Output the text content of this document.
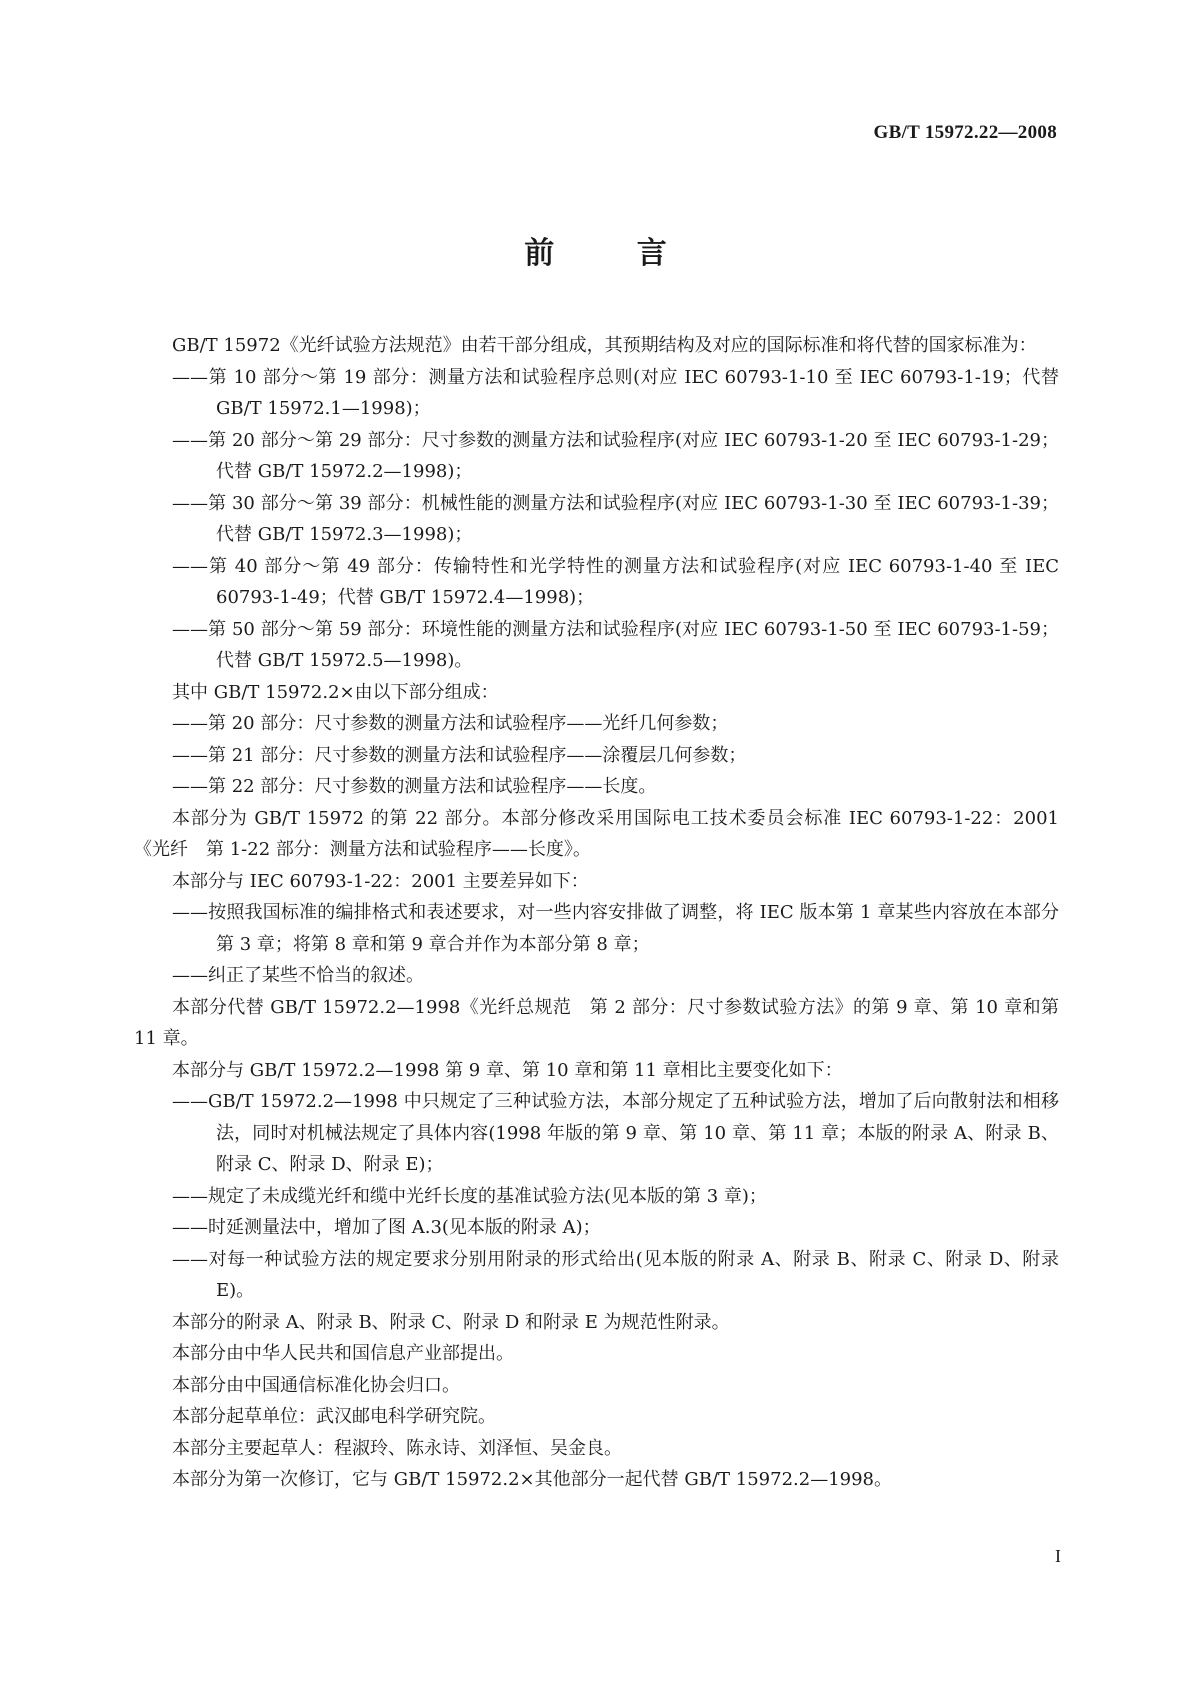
GB/T 15972.22—2008
前 言

GB/T 15972《光纤试验方法规范》由若干部分组成，其预期结构及对应的国际标准和将代替的国家标准为：

——第 10 部分～第 19 部分：测量方法和试验程序总则(对应 IEC 60793-1-10 至 IEC 60793-1-19；代替 GB/T 15972.1—1998)；

——第 20 部分～第 29 部分：尺寸参数的测量方法和试验程序(对应 IEC 60793-1-20 至 IEC 60793-1-29；代替 GB/T 15972.2—1998)；

——第 30 部分～第 39 部分：机械性能的测量方法和试验程序(对应 IEC 60793-1-30 至 IEC 60793-1-39；代替 GB/T 15972.3—1998)；

——第 40 部分～第 49 部分：传输特性和光学特性的测量方法和试验程序(对应 IEC 60793-1-40 至 IEC 60793-1-49；代替 GB/T 15972.4—1998)；

——第 50 部分～第 59 部分：环境性能的测量方法和试验程序(对应 IEC 60793-1-50 至 IEC 60793-1-59；代替 GB/T 15972.5—1998)。

其中 GB/T 15972.2×由以下部分组成：

——第 20 部分：尺寸参数的测量方法和试验程序——光纤几何参数；

——第 21 部分：尺寸参数的测量方法和试验程序——涂覆层几何参数；

——第 22 部分：尺寸参数的测量方法和试验程序——长度。

本部分为 GB/T 15972 的第 22 部分。本部分修改采用国际电工技术委员会标准 IEC 60793-1-22：2001《光纤　第 1-22 部分：测量方法和试验程序——长度》。

本部分与 IEC 60793-1-22：2001 主要差异如下：

——按照我国标准的编排格式和表述要求，对一些内容安排做了调整，将 IEC 版本第 1 章某些内容放在本部分第 3 章；将第 8 章和第 9 章合并作为本部分第 8 章；

——纠正了某些不恰当的叙述。

本部分代替 GB/T 15972.2—1998《光纤总规范　第 2 部分：尺寸参数试验方法》的第 9 章、第 10 章和第 11 章。

本部分与 GB/T 15972.2—1998 第 9 章、第 10 章和第 11 章相比主要变化如下：

——GB/T 15972.2—1998 中只规定了三种试验方法，本部分规定了五种试验方法，增加了后向散射法和相移法，同时对机械法规定了具体内容(1998 年版的第 9 章、第 10 章、第 11 章；本版的附录 A、附录 B、附录 C、附录 D、附录 E)；

——规定了未成缆光纤和缆中光纤长度的基准试验方法(见本版的第 3 章)；

——时延测量法中，增加了图 A.3(见本版的附录 A)；

——对每一种试验方法的规定要求分别用附录的形式给出(见本版的附录 A、附录 B、附录 C、附录 D、附录 E)。

本部分的附录 A、附录 B、附录 C、附录 D 和附录 E 为规范性附录。

本部分由中华人民共和国信息产业部提出。

本部分由中国通信标准化协会归口。

本部分起草单位：武汉邮电科学研究院。

本部分主要起草人：程淑玲、陈永诗、刘泽恒、吴金良。

本部分为第一次修订，它与 GB/T 15972.2×其他部分一起代替 GB/T 15972.2—1998。

I
